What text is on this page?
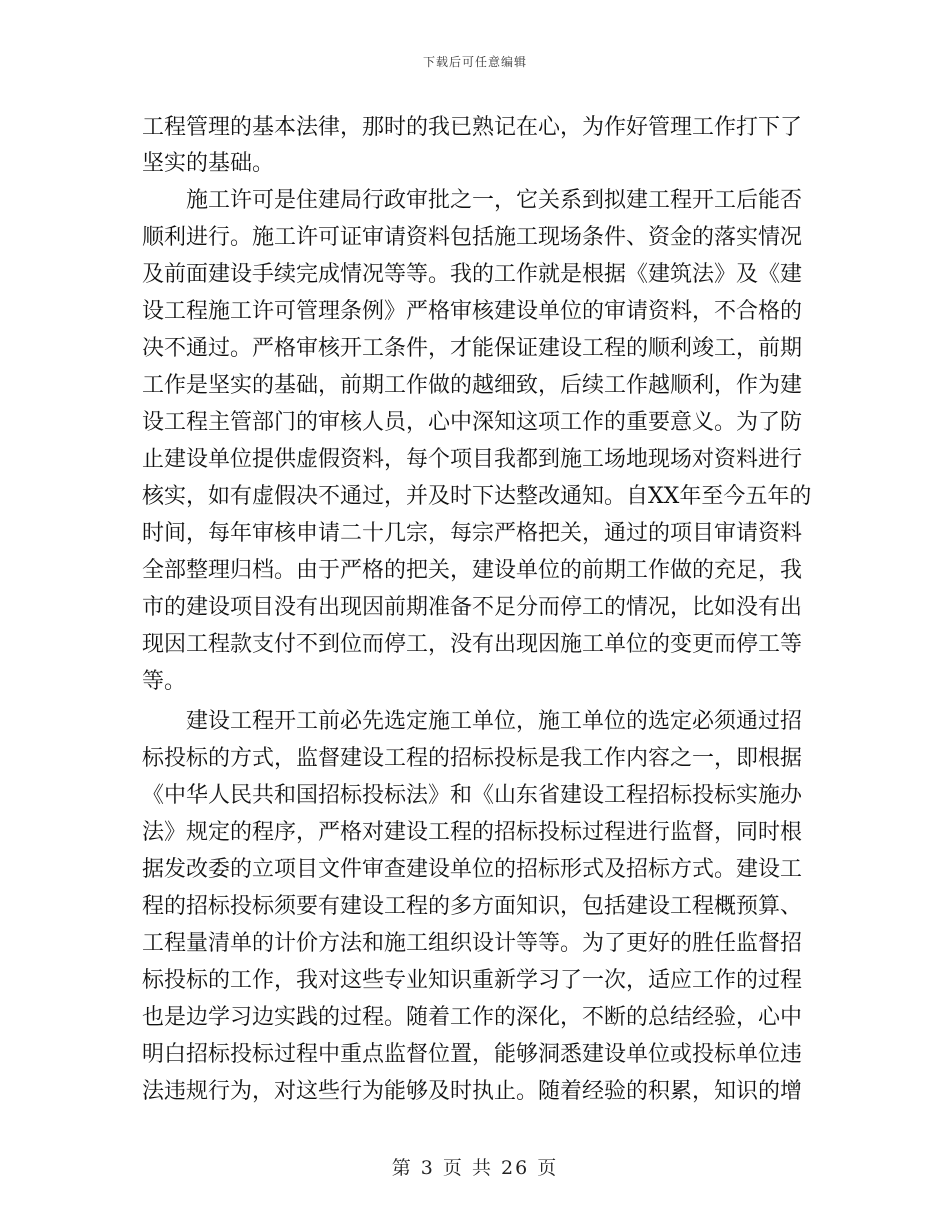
下载后可任意编辑
工程管理的基本法律，那时的我已熟记在心，为作好管理工作打下了
坚实的基础。
施工许可是住建局行政审批之一，它关系到拟建工程开工后能否
顺利进行。施工许可证审请资料包括施工现场条件、资金的落实情况
及前面建设手续完成情况等等。我的工作就是根据《建筑法》及《建
设工程施工许可管理条例》严格审核建设单位的审请资料，不合格的
决不通过。严格审核开工条件，才能保证建设工程的顺利竣工，前期
工作是坚实的基础，前期工作做的越细致，后续工作越顺利，作为建
设工程主管部门的审核人员，心中深知这项工作的重要意义。为了防
止建设单位提供虚假资料，每个项目我都到施工场地现场对资料进行
核实，如有虚假决不通过，并及时下达整改通知。自XX年至今五年的
时间，每年审核申请二十几宗，每宗严格把关，通过的项目审请资料
全部整理归档。由于严格的把关，建设单位的前期工作做的充足，我
市的建设项目没有出现因前期准备不足分而停工的情况，比如没有出
现因工程款支付不到位而停工，没有出现因施工单位的变更而停工等
等。
建设工程开工前必先选定施工单位，施工单位的选定必须通过招
标投标的方式，监督建设工程的招标投标是我工作内容之一，即根据
《中华人民共和国招标投标法》和《山东省建设工程招标投标实施办
法》规定的程序，严格对建设工程的招标投标过程进行监督，同时根
据发改委的立项目文件审查建设单位的招标形式及招标方式。建设工
程的招标投标须要有建设工程的多方面知识，包括建设工程概预算、
工程量清单的计价方法和施工组织设计等等。为了更好的胜任监督招
标投标的工作，我对这些专业知识重新学习了一次，适应工作的过程
也是边学习边实践的过程。随着工作的深化，不断的总结经验，心中
明白招标投标过程中重点监督位置，能够洞悉建设单位或投标单位违
法违规行为，对这些行为能够及时执止。随着经验的积累，知识的增
第 3 页 共 26 页
